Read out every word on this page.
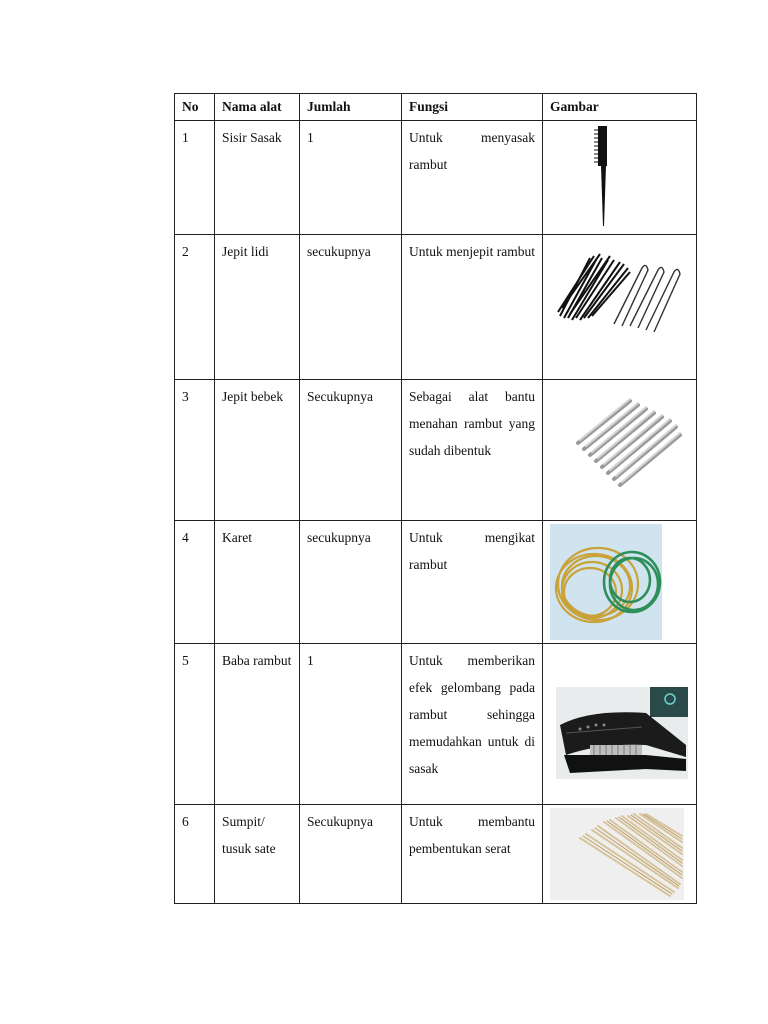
No	Nama alat	Jumlah	Fungsi	Gambar
1	Sisir Sasak	1	Untuk menyasak rambut	

2	Jepit lidi	secukupnya	Untuk menjepit rambut	

3	Jepit bebek	Secukupnya	Sebagai alat bantu menahan rambut yang sudah dibentuk	

4	Karet	secukupnya	Untuk mengikat rambut	

5	Baba rambut	1	Untuk memberikan efek gelombang pada rambut sehingga memudahkan untuk di sasak	

6	Sumpit/ tusuk sate	Secukupnya	Untuk membantu pembentukan serat	
